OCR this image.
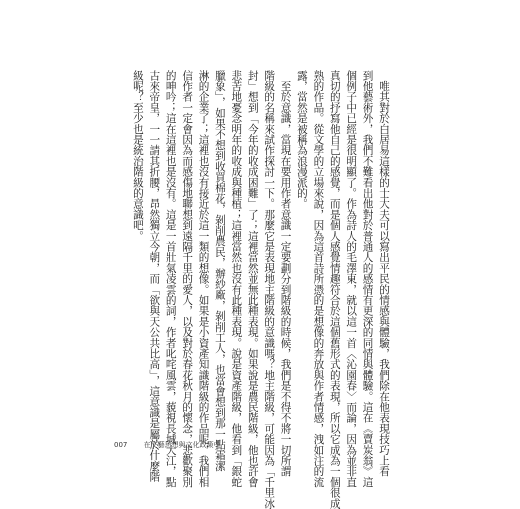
　唯其對於白居易這樣的士大夫可以寫出平民的情感與體驗，我們除在他表現技巧上看
到他藝術外，我們不難看出他對於普通人的感情有更深的同情與體驗。這在《賣炭翁》這
個例子中已經是很明顯了。作為詩人的毛澤東，就以這一首〈沁園春〉而論，因為並非直
真切的抒寫他自己的感覺，而是個人感覺情趣符合於這個舊形式的表現，所以它成為一個很成
熟的作品。從文學的立場來說，因為這首詩所憑的是想像的奔放與作者情感，洩如注的流
露，當然是被稱為浪漫派的。

　至於意識，當現在要用作者意識一定要劃分到階級的時候，我們是不得不將一切所謂
階級的名稱來試作探討一下。那麼它是表現地主階級的意識嗎？地主階級，可能因為「千里冰
封」想到「今年的收成困難」了；這裡當然並無此種表現。如果說是農民階級，他也許會
悲苦地憂念明年的收成與種植；這裡當然也沒有此種表現。說是資產階級，他看到「銀蛇
臘象」，如果不想到收買棉花，剝削農民，辦紗廠，剝削工人，也當會想到那一點霜潔
淋的企業了；這裡也沒有接近於這一類的想像。如果是小資產知識階級的作品呢，我們相
信作者一定會因為而感傷地聯想到遠隔千里的愛人，以及對於春花秋月的懷念，悲歡聚別
的呻吟；這在這裡也是沒有。這是一首壯氣凌雲的詞，作者叱咤風雲，藐視長城大江，點
古來帝皇，一一請其折腰，昂然獨立今朝，而「欲與天公共比高」，這意識是屬於什麼階
級呢？至少也是統治階級的意識吧。

007 在文藝思想與文化政策中
